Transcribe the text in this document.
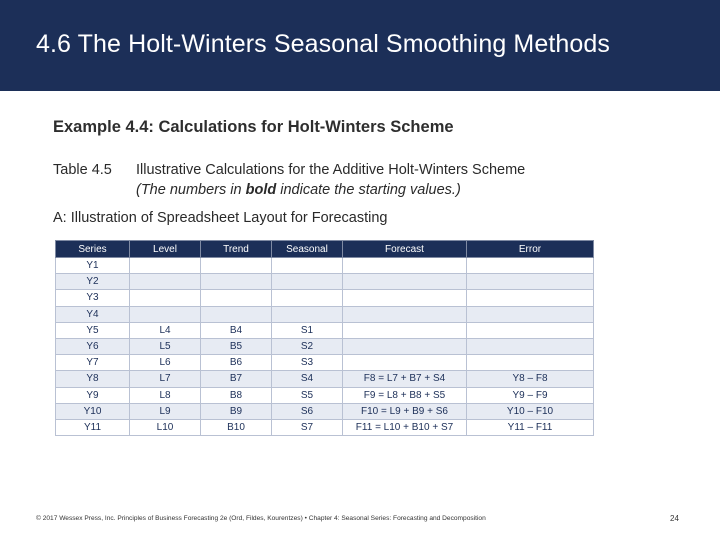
4.6 The Holt-Winters Seasonal Smoothing Methods
Example 4.4: Calculations for Holt-Winters Scheme
Table 4.5 Illustrative Calculations for the Additive Holt-Winters Scheme
(The numbers in bold indicate the starting values.)
A: Illustration of Spreadsheet Layout for Forecasting
Series	Level	Trend	Seasonal	Forecast	Error
Y1					
Y2					
Y3					
Y4					
Y5	L4	B4	S1		
Y6	L5	B5	S2		
Y7	L6	B6	S3		
Y8	L7	B7	S4	F8 = L7 + B7 + S4	Y8 – F8
Y9	L8	B8	S5	F9 = L8 + B8 + S5	Y9 – F9
Y10	L9	B9	S6	F10 = L9 + B9 + S6	Y10 – F10
Y11	L10	B10	S7	F11 = L10 + B10 + S7	Y11 – F11
© 2017 Wessex Press, Inc. Principles of Business Forecasting 2e (Ord, Fildes, Kourentzes) • Chapter 4: Seasonal Series: Forecasting and Decomposition	24
